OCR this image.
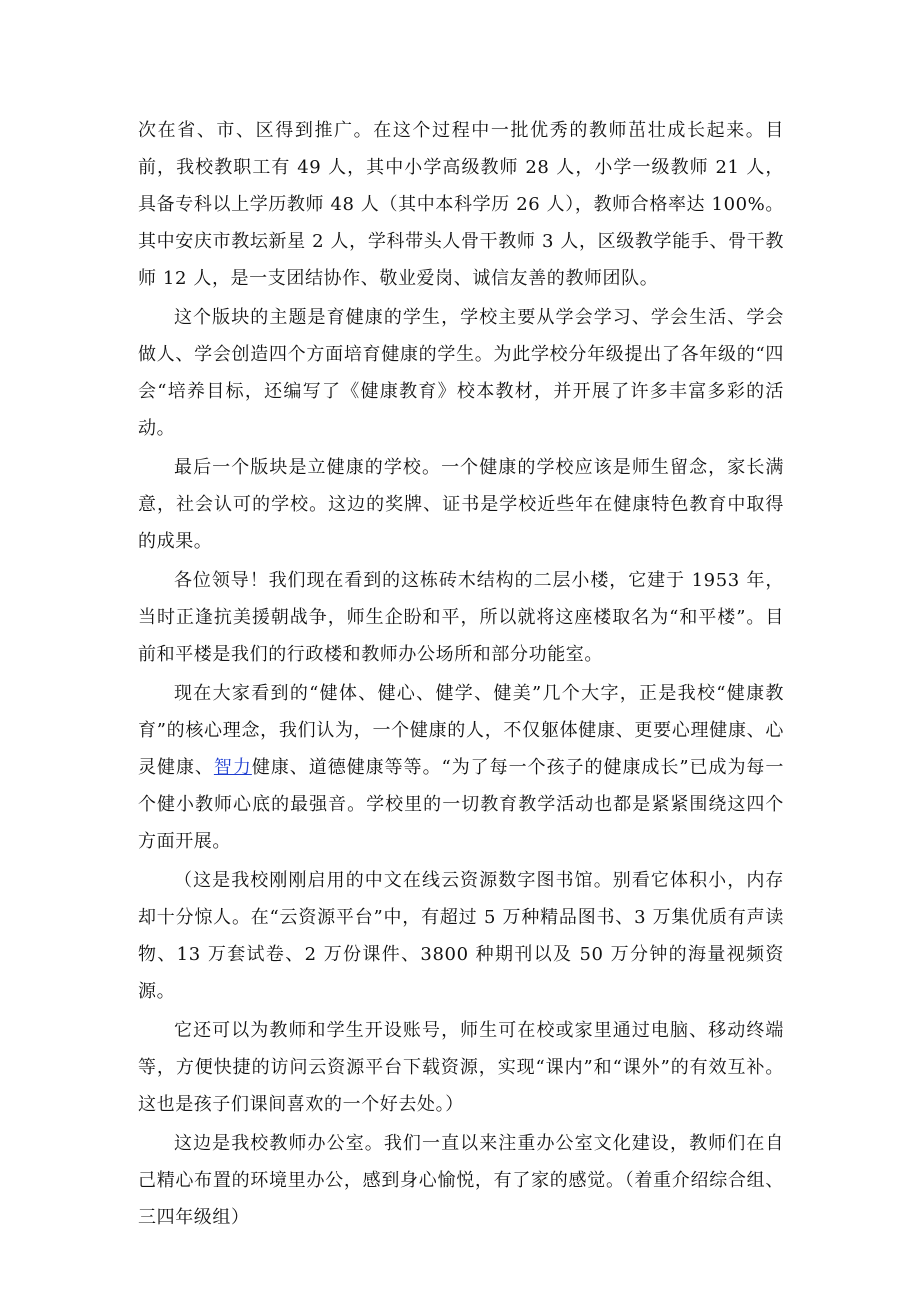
次在省、市、区得到推广。在这个过程中一批优秀的教师茁壮成长起来。目前，我校教职工有 49 人，其中小学高级教师 28 人，小学一级教师 21 人，具备专科以上学历教师 48 人（其中本科学历 26 人），教师合格率达 100%。其中安庆市教坛新星 2 人，学科带头人骨干教师 3 人，区级教学能手、骨干教师 12 人，是一支团结协作、敬业爱岗、诚信友善的教师团队。

这个版块的主题是育健康的学生，学校主要从学会学习、学会生活、学会做人、学会创造四个方面培育健康的学生。为此学校分年级提出了各年级的“四会“培养目标，还编写了《健康教育》校本教材，并开展了许多丰富多彩的活动。

最后一个版块是立健康的学校。一个健康的学校应该是师生留念，家长满意，社会认可的学校。这边的奖牌、证书是学校近些年在健康特色教育中取得的成果。

各位领导！我们现在看到的这栋砖木结构的二层小楼，它建于 1953 年，当时正逢抗美援朝战争，师生企盼和平，所以就将这座楼取名为“和平楼”。目前和平楼是我们的行政楼和教师办公场所和部分功能室。

现在大家看到的“健体、健心、健学、健美”几个大字，正是我校“健康教育”的核心理念，我们认为，一个健康的人，不仅躯体健康、更要心理健康、心灵健康、智力健康、道德健康等等。“为了每一个孩子的健康成长”已成为每一个健小教师心底的最强音。学校里的一切教育教学活动也都是紧紧围绕这四个方面开展。

（这是我校刚刚启用的中文在线云资源数字图书馆。别看它体积小，内存却十分惊人。在“云资源平台”中，有超过 5 万种精品图书、3 万集优质有声读物、13 万套试卷、2 万份课件、3800 种期刊以及 50 万分钟的海量视频资源。

它还可以为教师和学生开设账号，师生可在校或家里通过电脑、移动终端等，方便快捷的访问云资源平台下载资源，实现“课内”和“课外”的有效互补。这也是孩子们课间喜欢的一个好去处。）

这边是我校教师办公室。我们一直以来注重办公室文化建设，教师们在自己精心布置的环境里办公，感到身心愉悦，有了家的感觉。（着重介绍综合组、三四年级组）
